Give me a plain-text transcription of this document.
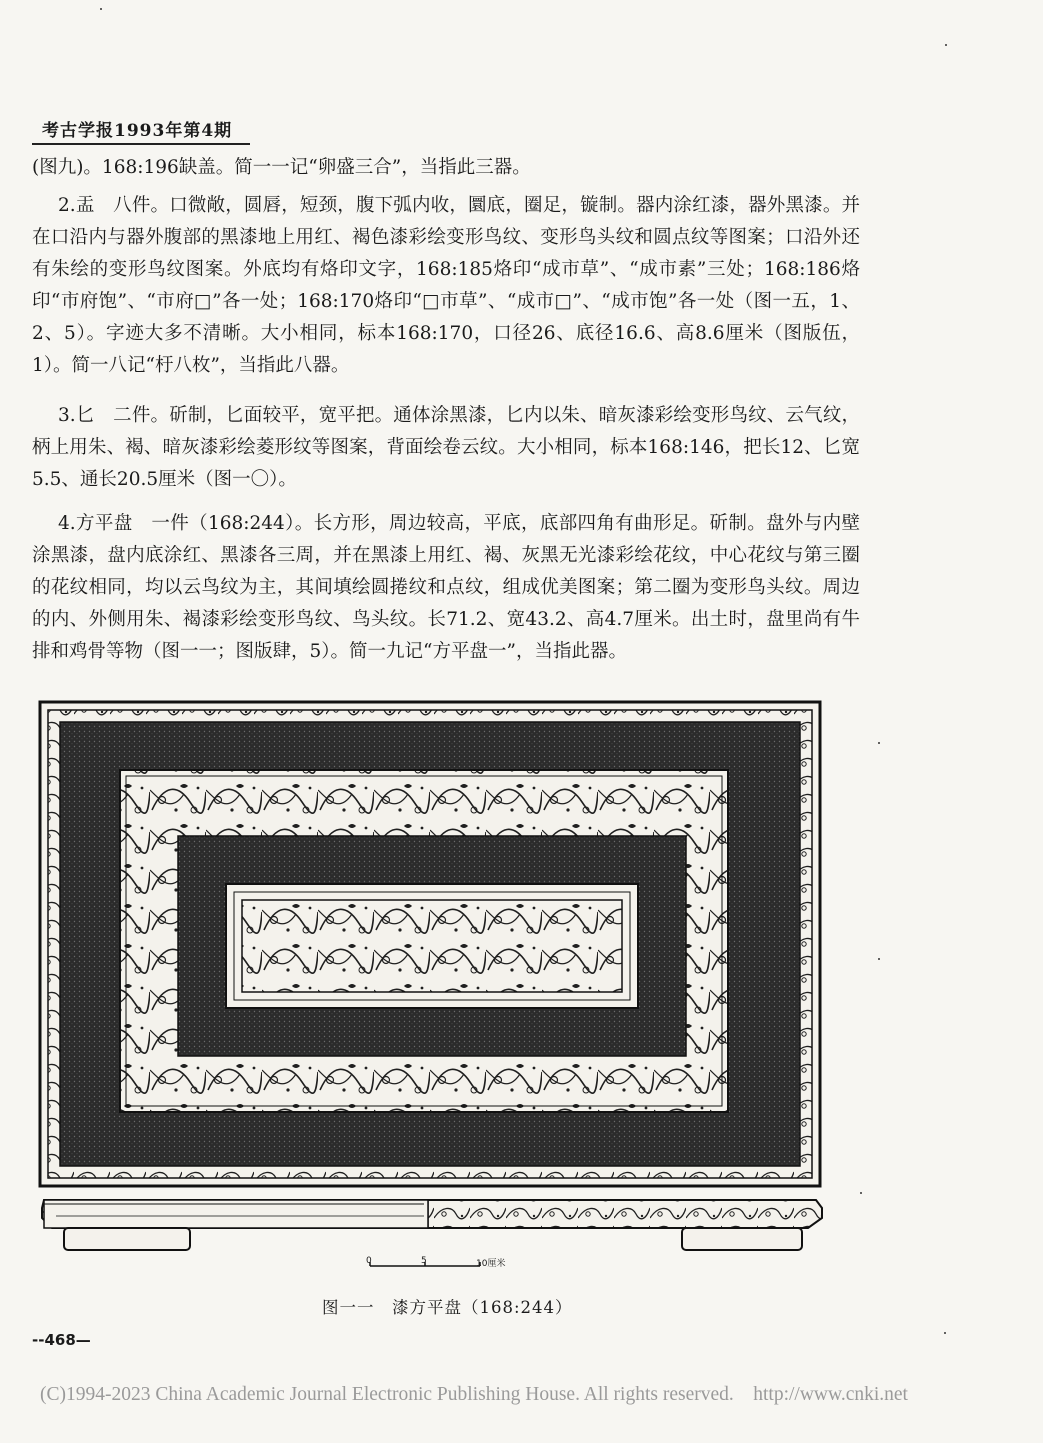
考古学报1993年第4期

(图九)。168:196缺盖。简一一记“卵盛三合”，当指此三器。

2.盂　八件。口微敞，圆唇，短颈，腹下弧内收，圜底，圈足，镟制。器内涂红漆，器外黑漆。并在口沿内与器外腹部的黑漆地上用红、褐色漆彩绘变形鸟纹、变形鸟头纹和圆点纹等图案；口沿外还有朱绘的变形鸟纹图案。外底均有烙印文字，168:185烙印“成市草”、“成市素”三处；168:186烙印“市府饱”、“市府□”各一处；168:170烙印“□市草”、“成市□”、“成市饱”各一处（图一五，1、2、5）。字迹大多不清晰。大小相同，标本168:170，口径26、底径16.6、高8.6厘米（图版伍，1）。简一八记“杅八枚”，当指此八器。

3.匕　二件。斫制，匕面较平，宽平把。通体涂黑漆，匕内以朱、暗灰漆彩绘变形鸟纹、云气纹，柄上用朱、褐、暗灰漆彩绘菱形纹等图案，背面绘卷云纹。大小相同，标本168:146，把长12、匕宽5.5、通长20.5厘米（图一〇）。

4.方平盘　一件（168:244）。长方形，周边较高，平底，底部四角有曲形足。斫制。盘外与内壁涂黑漆，盘内底涂红、黑漆各三周，并在黑漆上用红、褐、灰黑无光漆彩绘花纹，中心花纹与第三圈的花纹相同，均以云鸟纹为主，其间填绘圆捲纹和点纹，组成优美图案；第二圈为变形鸟头纹。周边的内、外侧用朱、褐漆彩绘变形鸟纹、鸟头纹。长71.2、宽43.2、高4.7厘米。出土时，盘里尚有牛排和鸡骨等物（图一一；图版肆，5）。简一九记“方平盘一”，当指此器。

0	5	10厘米
图一一　漆方平盘（168:244）
--468—
(C)1994-2023 China Academic Journal Electronic Publishing House. All rights reserved.    http://www.cnki.net
